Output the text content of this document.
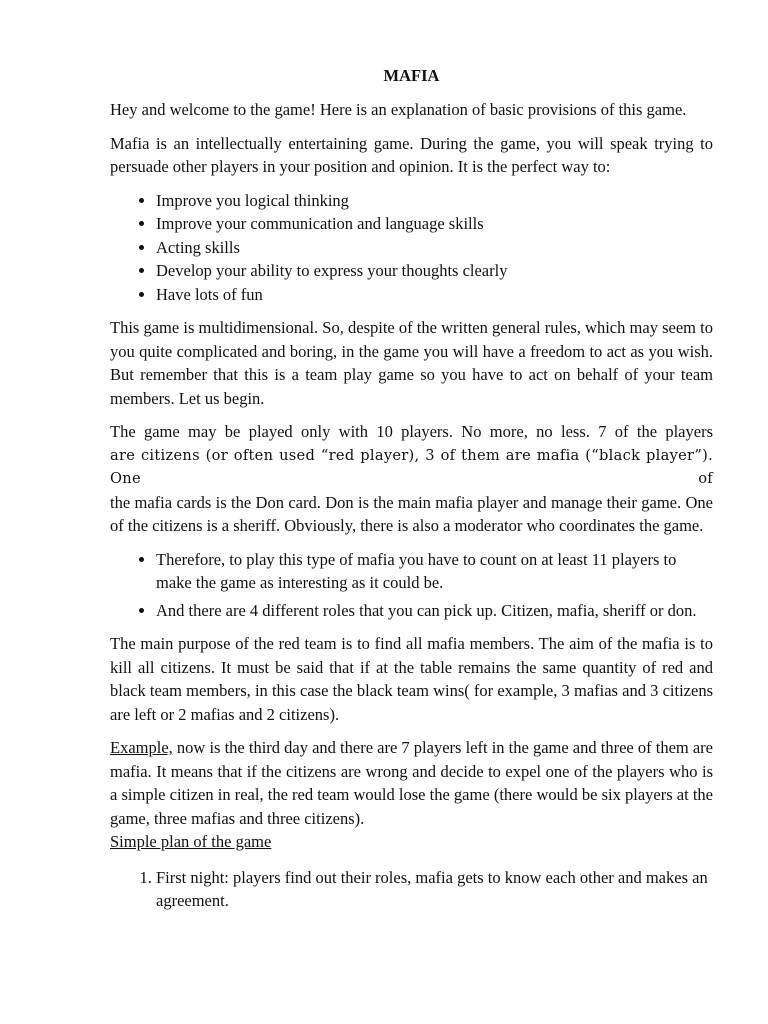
MAFIA

Hey and welcome to the game! Here is an explanation of basic provisions of this game.

Mafia is an intellectually entertaining game. During the game, you will speak trying to persuade other players in your position and opinion. It is the perfect way to:

• Improve you logical thinking
• Improve your communication and language skills
• Acting skills
• Develop your ability to express your thoughts clearly
• Have lots of fun

This game is multidimensional. So, despite of the written general rules, which may seem to you quite complicated and boring, in the game you will have a freedom to act as you wish. But remember that this is a team play game so you have to act on behalf of your team members. Let us begin.

The game may be played only with 10 players. No more, no less. 7 of the players
are citizens (or often used “red player), 3 of them are mafia (“black player”). One of
the mafia cards is the Don card. Don is the main mafia player and manage their game. One of the citizens is a sheriff. Obviously, there is also a moderator who coordinates the game.

• Therefore, to play this type of mafia you have to count on at least 11 players to make the game as interesting as it could be.
• And there are 4 different roles that you can pick up. Citizen, mafia, sheriff or don.

The main purpose of the red team is to find all mafia members. The aim of the mafia is to kill all citizens. It must be said that if at the table remains the same quantity of red and black team members, in this case the black team wins( for example, 3 mafias and 3 citizens are left or 2 mafias and 2 citizens).

Example, now is the third day and there are 7 players left in the game and three of them are mafia. It means that if the citizens are wrong and decide to expel one of the players who is a simple citizen in real, the red team would lose the game (there would be six players at the game, three mafias and three citizens).

Simple plan of the game

1. First night: players find out their roles, mafia gets to know each other and makes an agreement.
